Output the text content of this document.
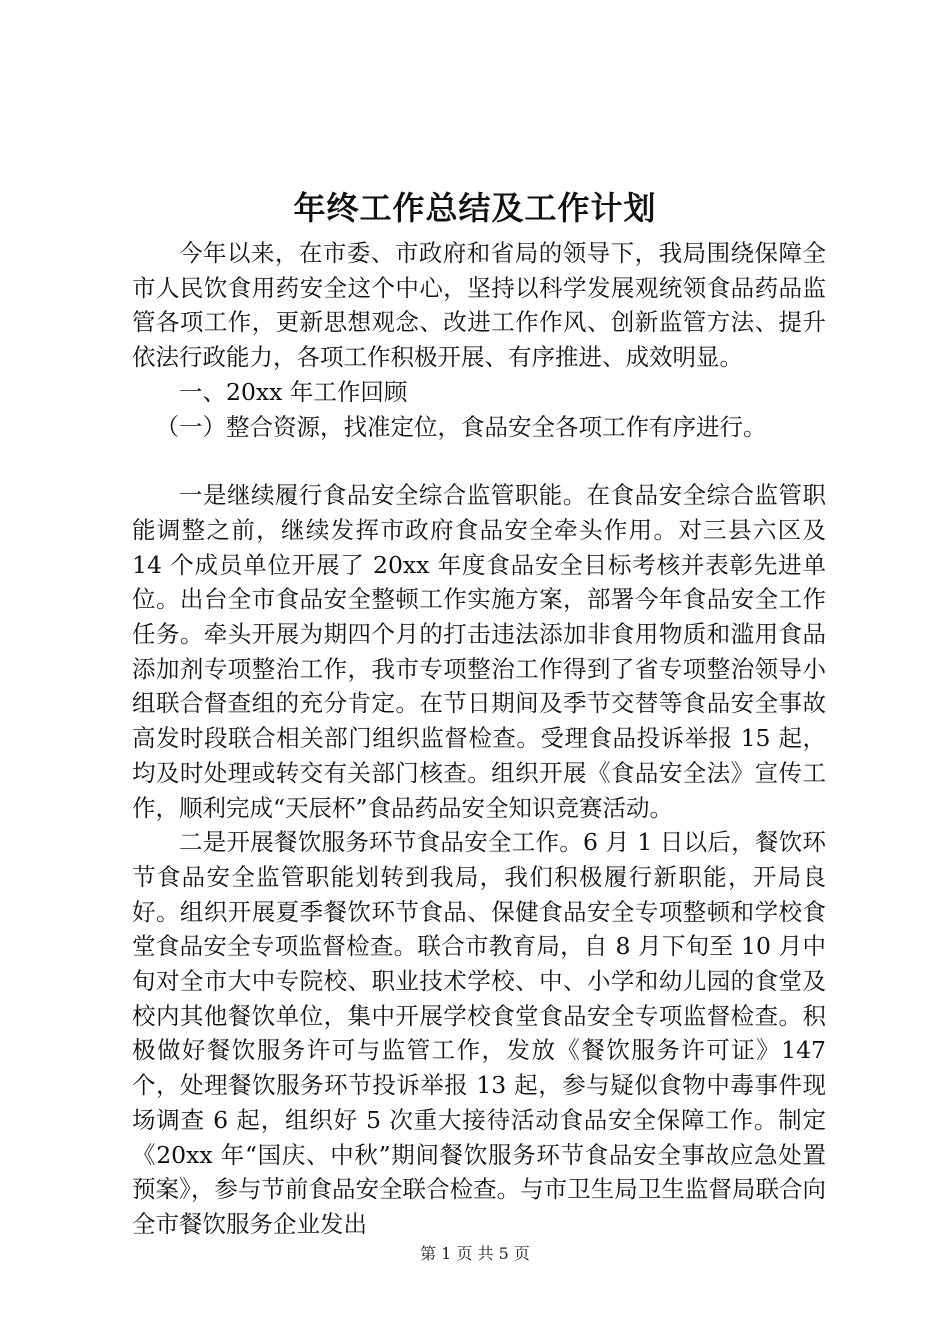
年终工作总结及工作计划

今年以来，在市委、市政府和省局的领导下，我局围绕保障全市人民饮食用药安全这个中心，坚持以科学发展观统领食品药品监管各项工作，更新思想观念、改进工作作风、创新监管方法、提升依法行政能力，各项工作积极开展、有序推进、成效明显。

一、20xx 年工作回顾

（一）整合资源，找准定位，食品安全各项工作有序进行。

一是继续履行食品安全综合监管职能。在食品安全综合监管职能调整之前，继续发挥市政府食品安全牵头作用。对三县六区及 14 个成员单位开展了 20xx 年度食品安全目标考核并表彰先进单位。出台全市食品安全整顿工作实施方案，部署今年食品安全工作任务。牵头开展为期四个月的打击违法添加非食用物质和滥用食品添加剂专项整治工作，我市专项整治工作得到了省专项整治领导小组联合督查组的充分肯定。在节日期间及季节交替等食品安全事故高发时段联合相关部门组织监督检查。受理食品投诉举报 15 起，均及时处理或转交有关部门核查。组织开展《食品安全法》宣传工作，顺利完成“天辰杯”食品药品安全知识竞赛活动。

二是开展餐饮服务环节食品安全工作。6 月 1 日以后，餐饮环节食品安全监管职能划转到我局，我们积极履行新职能，开局良好。组织开展夏季餐饮环节食品、保健食品安全专项整顿和学校食堂食品安全专项监督检查。联合市教育局，自 8 月下旬至 10 月中旬对全市大中专院校、职业技术学校、中、小学和幼儿园的食堂及校内其他餐饮单位，集中开展学校食堂食品安全专项监督检查。积极做好餐饮服务许可与监管工作，发放《餐饮服务许可证》147 个，处理餐饮服务环节投诉举报 13 起，参与疑似食物中毒事件现场调查 6 起，组织好 5 次重大接待活动食品安全保障工作。制定《20xx 年“国庆、中秋”期间餐饮服务环节食品安全事故应急处置预案》，参与节前食品安全联合检查。与市卫生局卫生监督局联合向全市餐饮服务企业发出

第 1 页 共 5 页
